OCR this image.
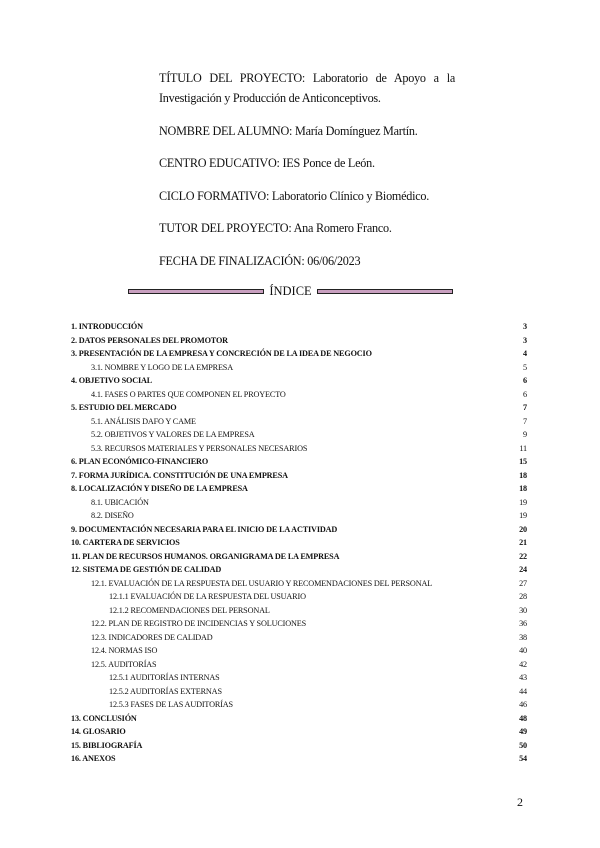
TÍTULO DEL PROYECTO: Laboratorio de Apoyo a la Investigación y Producción de Anticonceptivos.
NOMBRE DEL ALUMNO: María Domínguez Martín.
CENTRO EDUCATIVO: IES Ponce de León.
CICLO FORMATIVO: Laboratorio Clínico y Biomédico.
TUTOR DEL PROYECTO: Ana Romero Franco.
FECHA DE FINALIZACIÓN: 06/06/2023
ÍNDICE
1. INTRODUCCIÓN	3
2. DATOS PERSONALES DEL PROMOTOR	3
3. PRESENTACIÓN DE LA EMPRESA Y CONCRECIÓN DE LA IDEA DE NEGOCIO	4
3.1. NOMBRE Y LOGO DE LA EMPRESA	5
4. OBJETIVO SOCIAL	6
4.1. FASES O PARTES QUE COMPONEN EL PROYECTO	6
5. ESTUDIO DEL MERCADO	7
5.1. ANÁLISIS DAFO Y CAME	7
5.2. OBJETIVOS Y VALORES DE LA EMPRESA	9
5.3. RECURSOS MATERIALES Y PERSONALES NECESARIOS	11
6. PLAN ECONÓMICO-FINANCIERO	15
7. FORMA JURÍDICA. CONSTITUCIÓN DE UNA EMPRESA	18
8. LOCALIZACIÓN Y DISEÑO DE LA EMPRESA	18
8.1. UBICACIÓN	19
8.2. DISEÑO	19
9. DOCUMENTACIÓN NECESARIA PARA EL INICIO DE LA ACTIVIDAD	20
10. CARTERA DE SERVICIOS	21
11. PLAN DE RECURSOS HUMANOS. ORGANIGRAMA DE LA EMPRESA	22
12. SISTEMA DE GESTIÓN DE CALIDAD	24
12.1. EVALUACIÓN DE LA RESPUESTA DEL USUARIO Y RECOMENDACIONES DEL PERSONAL	27
12.1.1 EVALUACIÓN DE LA RESPUESTA DEL USUARIO	28
12.1.2 RECOMENDACIONES DEL PERSONAL	30
12.2. PLAN DE REGISTRO DE INCIDENCIAS Y SOLUCIONES	36
12.3. INDICADORES DE CALIDAD	38
12.4. NORMAS ISO	40
12.5. AUDITORÍAS	42
12.5.1 AUDITORÍAS INTERNAS	43
12.5.2 AUDITORÍAS EXTERNAS	44
12.5.3 FASES DE LAS AUDITORÍAS	46
13. CONCLUSIÓN	48
14. GLOSARIO	49
15. BIBLIOGRAFÍA	50
16. ANEXOS	54
2
